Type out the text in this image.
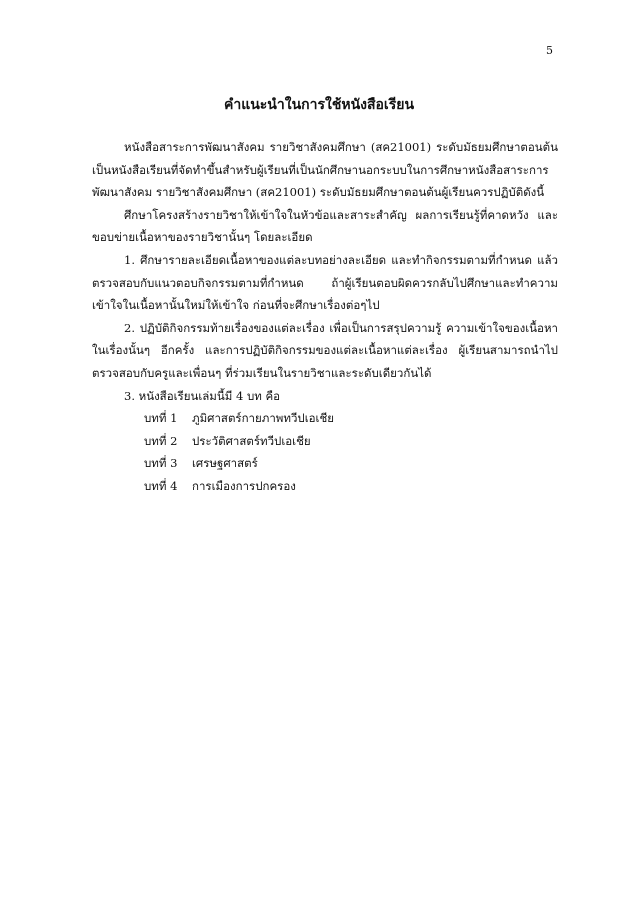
5
คำแนะนำในการใช้หนังสือเรียน

หนังสือสาระการพัฒนาสังคม รายวิชาสังคมศึกษา (สค21001) ระดับมัธยมศึกษาตอนต้น เป็นหนังสือเรียนที่จัดทำขึ้นสำหรับผู้เรียนที่เป็นนักศึกษานอกระบบในการศึกษาหนังสือสาระการพัฒนาสังคม รายวิชาสังคมศึกษา (สค21001) ระดับมัธยมศึกษาตอนต้นผู้เรียนควรปฏิบัติดังนี้

ศึกษาโครงสร้างรายวิชาให้เข้าใจในหัวข้อและสาระสำคัญ ผลการเรียนรู้ที่คาดหวัง และขอบข่ายเนื้อหาของรายวิชานั้นๆ โดยละเอียด

1. ศึกษารายละเอียดเนื้อหาของแต่ละบทอย่างละเอียด และทำกิจกรรมตามที่กำหนด แล้วตรวจสอบกับแนวตอบกิจกรรมตามที่กำหนด ถ้าผู้เรียนตอบผิดควรกลับไปศึกษาและทำความเข้าใจในเนื้อหานั้นใหม่ให้เข้าใจ ก่อนที่จะศึกษาเรื่องต่อๆไป

2. ปฏิบัติกิจกรรมท้ายเรื่องของแต่ละเรื่อง เพื่อเป็นการสรุปความรู้ ความเข้าใจของเนื้อหาในเรื่องนั้นๆ อีกครั้ง และการปฏิบัติกิจกรรมของแต่ละเนื้อหาแต่ละเรื่อง ผู้เรียนสามารถนำไปตรวจสอบกับครูและเพื่อนๆ ที่ร่วมเรียนในรายวิชาและระดับเดียวกันได้

3. หนังสือเรียนเล่มนี้มี 4 บท คือ

บทที่ 1 ภูมิศาสตร์กายภาพทวีปเอเชีย
บทที่ 2 ประวัติศาสตร์ทวีปเอเชีย
บทที่ 3 เศรษฐศาสตร์
บทที่ 4 การเมืองการปกครอง
